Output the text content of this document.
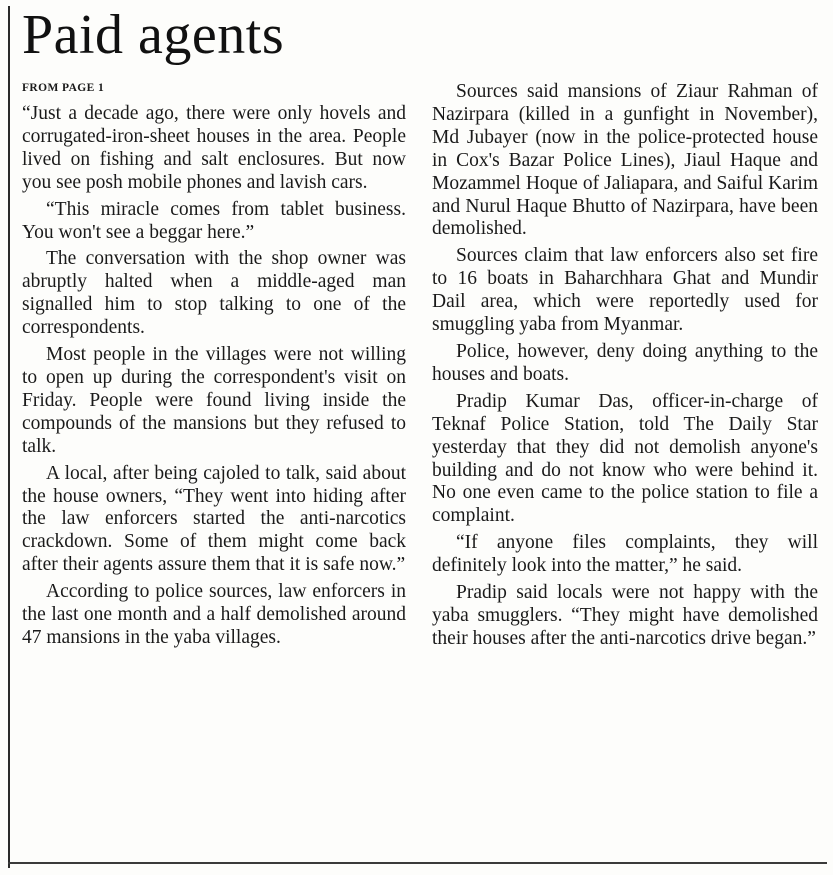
Paid agents
FROM PAGE 1

“Just a decade ago, there were only hovels and corrugated-iron-sheet houses in the area. People lived on fishing and salt enclosures. But now you see posh mobile phones and lavish cars.

“This miracle comes from tablet business. You won't see a beggar here.”

The conversation with the shop owner was abruptly halted when a middle-aged man signalled him to stop talking to one of the correspondents.

Most people in the villages were not willing to open up during the correspondent's visit on Friday. People were found living inside the compounds of the mansions but they refused to talk.

A local, after being cajoled to talk, said about the house owners, “They went into hiding after the law enforcers started the anti-narcotics crackdown. Some of them might come back after their agents assure them that it is safe now.”

According to police sources, law enforcers in the last one month and a half demolished around 47 mansions in the yaba villages.

Sources said mansions of Ziaur Rahman of Nazirpara (killed in a gunfight in November), Md Jubayer (now in the police-protected house in Cox's Bazar Police Lines), Jiaul Haque and Mozammel Hoque of Jaliapara, and Saiful Karim and Nurul Haque Bhutto of Nazirpara, have been demolished.

Sources claim that law enforcers also set fire to 16 boats in Baharchhara Ghat and Mundir Dail area, which were reportedly used for smuggling yaba from Myanmar.

Police, however, deny doing anything to the houses and boats.

Pradip Kumar Das, officer-in-charge of Teknaf Police Station, told The Daily Star yesterday that they did not demolish anyone's building and do not know who were behind it. No one even came to the police station to file a complaint.

“If anyone files complaints, they will definitely look into the matter,” he said.

Pradip said locals were not happy with the yaba smugglers. “They might have demolished their houses after the anti-narcotics drive began.”
